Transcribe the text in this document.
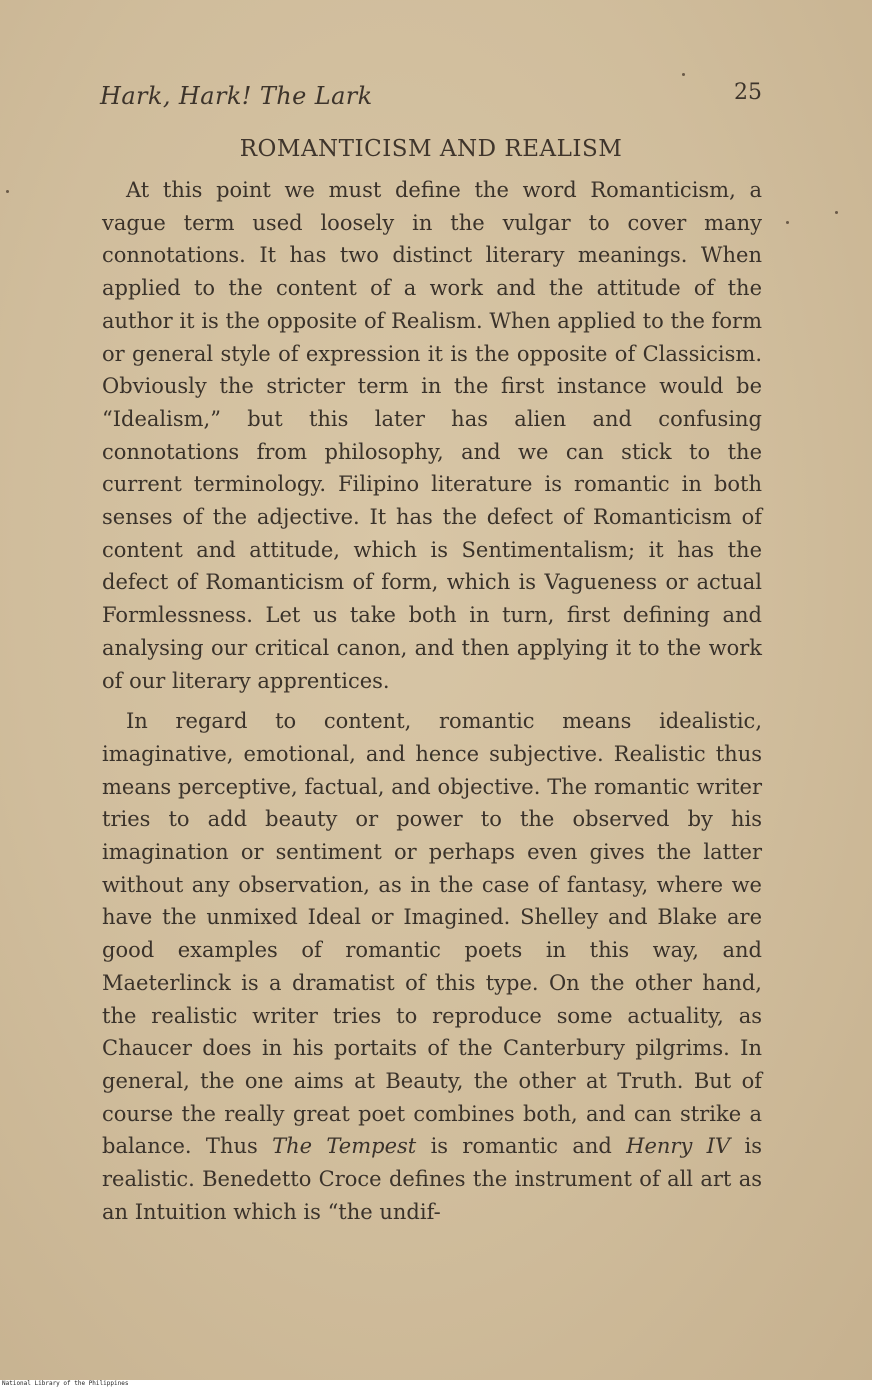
Hark, Hark! The Lark	25
ROMANTICISM AND REALISM

At this point we must define the word Romanticism, a vague term used loosely in the vulgar to cover many connotations. It has two distinct literary meanings. When applied to the content of a work and the attitude of the author it is the opposite of Realism. When applied to the form or general style of expression it is the opposite of Classicism. Obviously the stricter term in the first instance would be “Idealism,” but this later has alien and confusing connotations from philosophy, and we can stick to the current terminology. Filipino literature is romantic in both senses of the adjective. It has the defect of Romanticism of content and attitude, which is Sentimentalism; it has the defect of Romanticism of form, which is Vagueness or actual Formlessness. Let us take both in turn, first defining and analysing our critical canon, and then applying it to the work of our literary apprentices.

In regard to content, romantic means idealistic, imaginative, emotional, and hence subjective. Realistic thus means perceptive, factual, and objective. The romantic writer tries to add beauty or power to the observed by his imagination or sentiment or perhaps even gives the latter without any observation, as in the case of fantasy, where we have the unmixed Ideal or Imagined. Shelley and Blake are good examples of romantic poets in this way, and Maeterlinck is a dramatist of this type. On the other hand, the realistic writer tries to reproduce some actuality, as Chaucer does in his portaits of the Canterbury pilgrims. In general, the one aims at Beauty, the other at Truth. But of course the really great poet combines both, and can strike a balance. Thus The Tempest is romantic and Henry IV is realistic. Benedetto Croce defines the instrument of all art as an Intuition which is “the undif-

National Library of the Philippines
